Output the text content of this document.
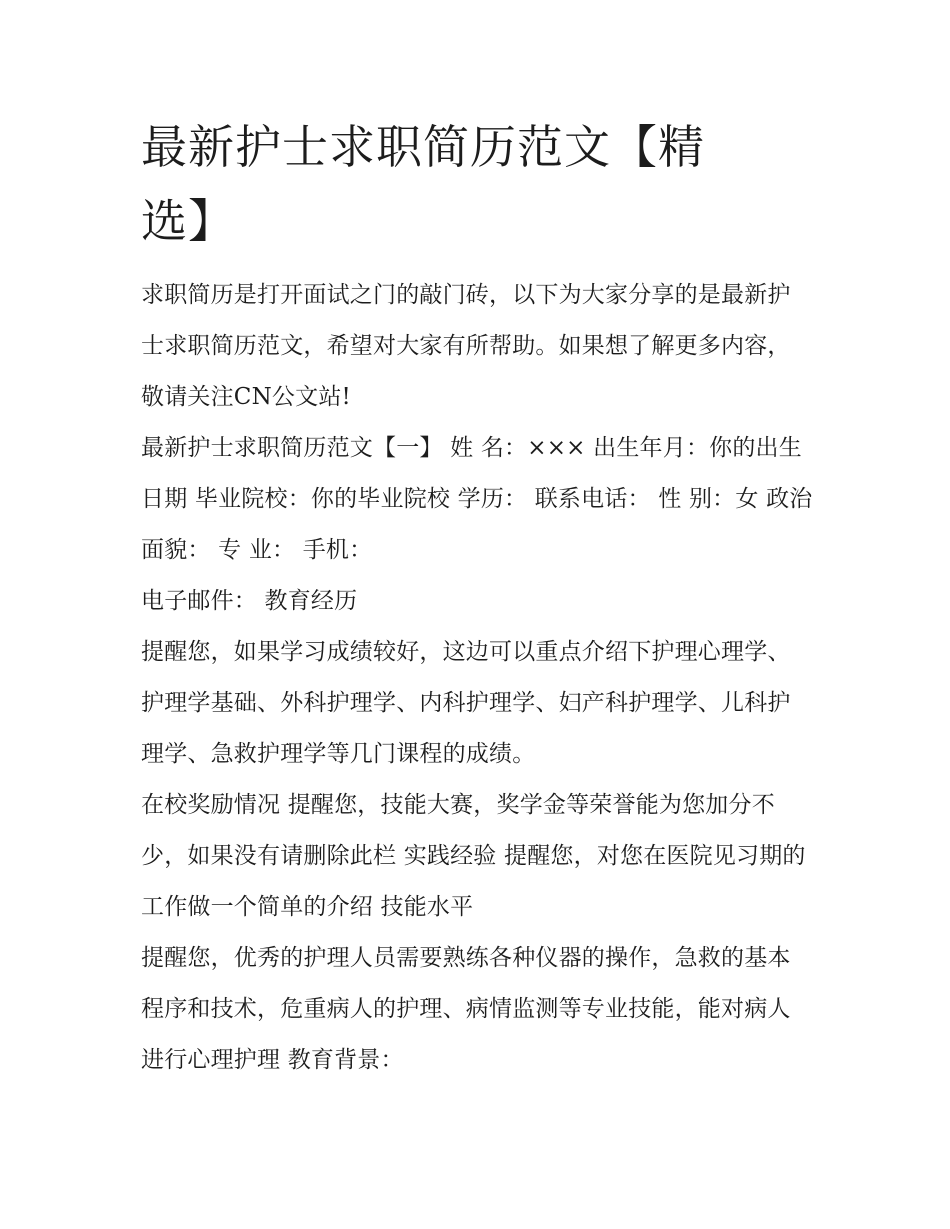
最新护士求职简历范文【精选】

求职简历是打开面试之门的敲门砖，以下为大家分享的是最新护士求职简历范文，希望对大家有所帮助。如果想了解更多内容，敬请关注CN公文站!

最新护士求职简历范文【一】 姓 名：××× 出生年月：你的出生日期 毕业院校：你的毕业院校 学历： 联系电话： 性 别：女 政治面貌： 专 业： 手机：

电子邮件： 教育经历

提醒您，如果学习成绩较好，这边可以重点介绍下护理心理学、护理学基础、外科护理学、内科护理学、妇产科护理学、儿科护理学、急救护理学等几门课程的成绩。

在校奖励情况 提醒您，技能大赛，奖学金等荣誉能为您加分不少，如果没有请删除此栏 实践经验 提醒您，对您在医院见习期的工作做一个简单的介绍 技能水平

提醒您，优秀的护理人员需要熟练各种仪器的操作，急救的基本程序和技术，危重病人的护理、病情监测等专业技能，能对病人进行心理护理 教育背景：
